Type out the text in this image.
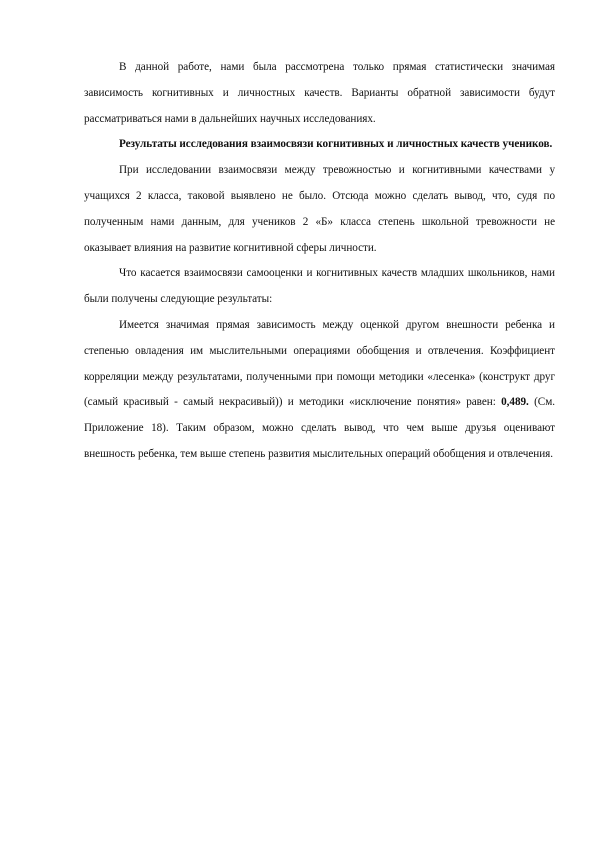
В данной работе, нами была рассмотрена только прямая статистически значимая зависимость когнитивных и личностных качеств. Варианты обратной зависимости будут рассматриваться нами в дальнейших научных исследованиях.

Результаты исследования взаимосвязи когнитивных и личностных качеств учеников.

При исследовании взаимосвязи между тревожностью и когнитивными качествами у учащихся 2 класса, таковой выявлено не было. Отсюда можно сделать вывод, что, судя по полученным нами данным, для учеников 2 «Б» класса степень школьной тревожности не оказывает влияния на развитие когнитивной сферы личности.

Что касается взаимосвязи самооценки и когнитивных качеств младших школьников, нами были получены следующие результаты:

Имеется значимая прямая зависимость между оценкой другом внешности ребенка и степенью овладения им мыслительными операциями обобщения и отвлечения. Коэффициент корреляции между результатами, полученными при помощи методики «лесенка» (конструкт друг (самый красивый - самый некрасивый)) и методики «исключение понятия» равен: 0,489. (См. Приложение 18). Таким образом, можно сделать вывод, что чем выше друзья оценивают внешность ребенка, тем выше степень развития мыслительных операций обобщения и отвлечения.
